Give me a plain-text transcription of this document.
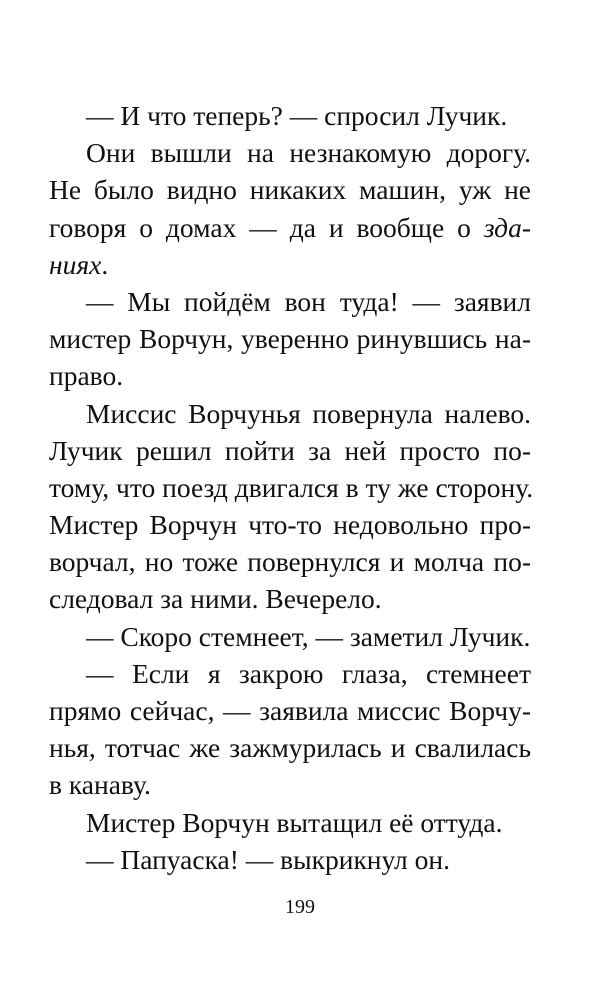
— И что теперь? — спросил Лучик.
Они вышли на незнакомую дорогу.
Не было видно никаких машин, уж не
говоря о домах — да и вообще о зда-
ниях.
— Мы пойдём вон туда! — заявил
мистер Ворчун, уверенно ринувшись на-
право.
Миссис Ворчунья повернула налево.
Лучик решил пойти за ней просто по-
тому, что поезд двигался в ту же сторону.
Мистер Ворчун что-то недовольно про-
ворчал, но тоже повернулся и молча по-
следовал за ними. Вечерело.
— Скоро стемнеет, — заметил Лучик.
— Если я закрою глаза, стемнеет
прямо сейчас, — заявила миссис Ворчу-
нья, тотчас же зажмурилась и свалилась
в канаву.
Мистер Ворчун вытащил её оттуда.
— Папуаска! — выкрикнул он.
199
